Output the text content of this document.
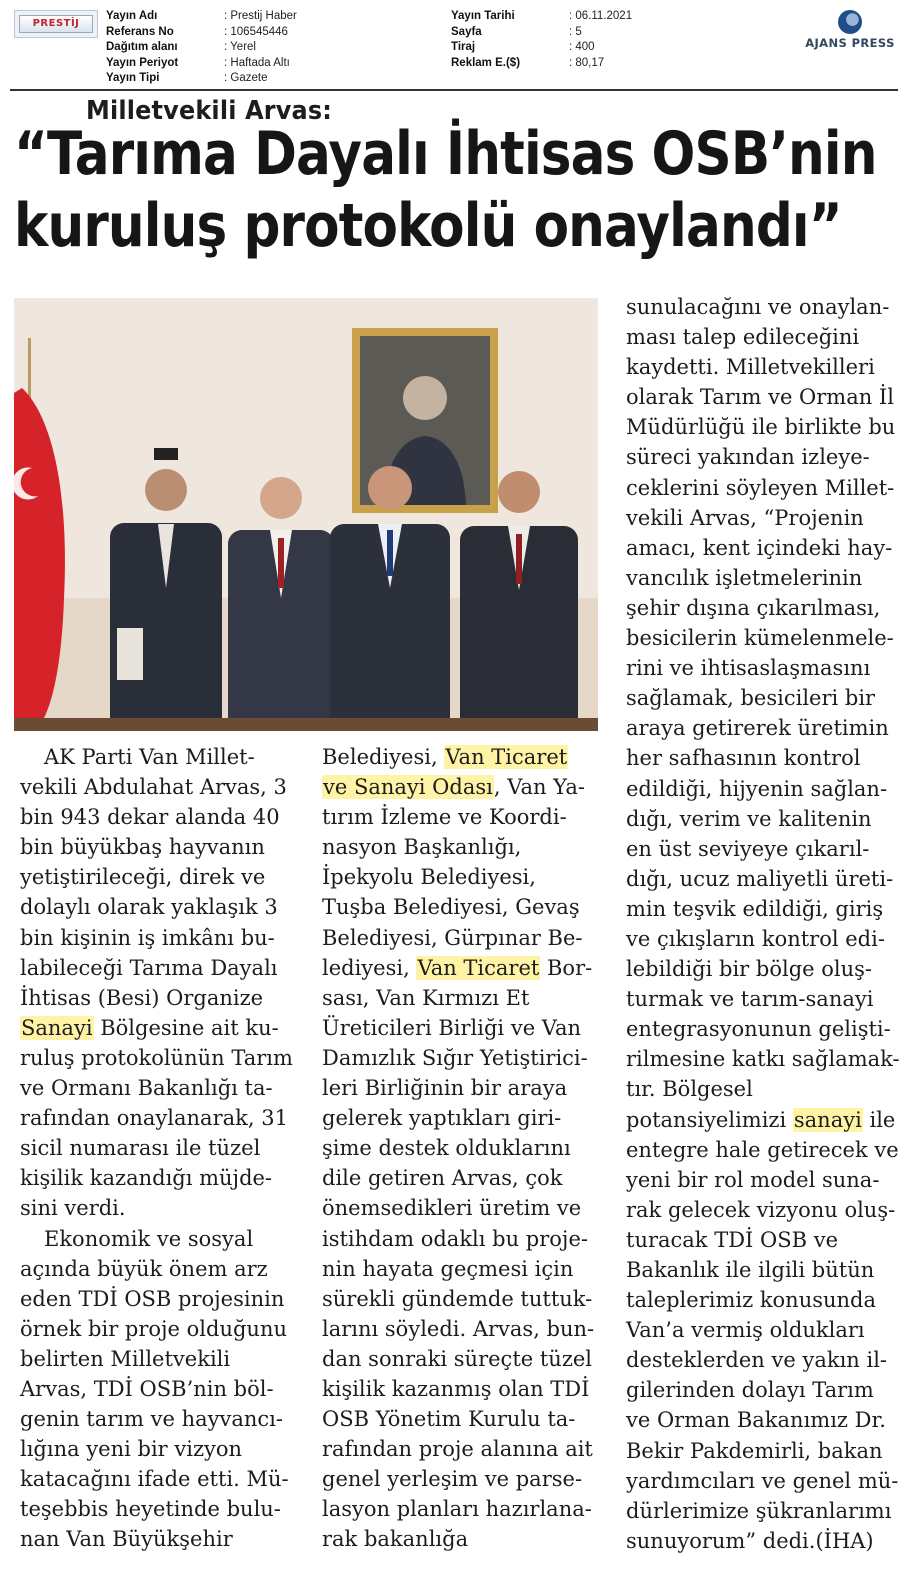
PRESTİJ
Yayın Adı	: Prestij Haber
Referans No	: 106545446
Dağıtım alanı	: Yerel
Yayın Periyot	: Haftada Altı
Yayın Tipi	: Gazete
Yayın Tarihi	: 06.11.2021
Sayfa	: 5
Tiraj	: 400
Reklam E.($)	: 80,17
AJANS PRESS
Milletvekili Arvas:
“Tarıma Dayalı İhtisas OSB’nin
kuruluş protokolü onaylandı”
AK Parti Van Millet-
vekili Abdulahat Arvas, 3
bin 943 dekar alanda 40
bin büyükbaş hayvanın
yetiştirileceği, direk ve
dolaylı olarak yaklaşık 3
bin kişinin iş imkânı bu-
labileceği Tarıma Dayalı
İhtisas (Besi) Organize
Sanayi Bölgesine ait ku-
ruluş protokolünün Tarım
ve Ormanı Bakanlığı ta-
rafından onaylanarak, 31
sicil numarası ile tüzel
kişilik kazandığı müjde-
sini verdi.
Ekonomik ve sosyal
açında büyük önem arz
eden TDİ OSB projesinin
örnek bir proje olduğunu
belirten Milletvekili
Arvas, TDİ OSB’nin böl-
genin tarım ve hayvancı-
lığına yeni bir vizyon
katacağını ifade etti. Mü-
teşebbis heyetinde bulu-
nan Van Büyükşehir
Belediyesi, Van Ticaret
ve Sanayi Odası, Van Ya-
tırım İzleme ve Koordi-
nasyon Başkanlığı,
İpekyolu Belediyesi,
Tuşba Belediyesi, Gevaş
Belediyesi, Gürpınar Be-
lediyesi, Van Ticaret Bor-
sası, Van Kırmızı Et
Üreticileri Birliği ve Van
Damızlık Sığır Yetiştirici-
leri Birliğinin bir araya
gelerek yaptıkları giri-
şime destek olduklarını
dile getiren Arvas, çok
önemsedikleri üretim ve
istihdam odaklı bu proje-
nin hayata geçmesi için
sürekli gündemde tuttuk-
larını söyledi. Arvas, bun-
dan sonraki süreçte tüzel
kişilik kazanmış olan TDİ
OSB Yönetim Kurulu ta-
rafından proje alanına ait
genel yerleşim ve parse-
lasyon planları hazırlana-
rak bakanlığa
sunulacağını ve onaylan-
ması talep edileceğini
kaydetti. Milletvekilleri
olarak Tarım ve Orman İl
Müdürlüğü ile birlikte bu
süreci yakından izleye-
ceklerini söyleyen Millet-
vekili Arvas, “Projenin
amacı, kent içindeki hay-
vancılık işletmelerinin
şehir dışına çıkarılması,
besicilerin kümelenmele-
rini ve ihtisaslaşmasını
sağlamak, besicileri bir
araya getirerek üretimin
her safhasının kontrol
edildiği, hijyenin sağlan-
dığı, verim ve kalitenin
en üst seviyeye çıkarıl-
dığı, ucuz maliyetli üreti-
min teşvik edildiği, giriş
ve çıkışların kontrol edi-
lebildiği bir bölge oluş-
turmak ve tarım-sanayi
entegrasyonunun gelişti-
rilmesine katkı sağlamak-
tır. Bölgesel
potansiyelimizi sanayi ile
entegre hale getirecek ve
yeni bir rol model suna-
rak gelecek vizyonu oluş-
turacak TDİ OSB ve
Bakanlık ile ilgili bütün
taleplerimiz konusunda
Van’a vermiş oldukları
desteklerden ve yakın il-
gilerinden dolayı Tarım
ve Orman Bakanımız Dr.
Bekir Pakdemirli, bakan
yardımcıları ve genel mü-
dürlerimize şükranlarımı
sunuyorum” dedi.(İHA)
